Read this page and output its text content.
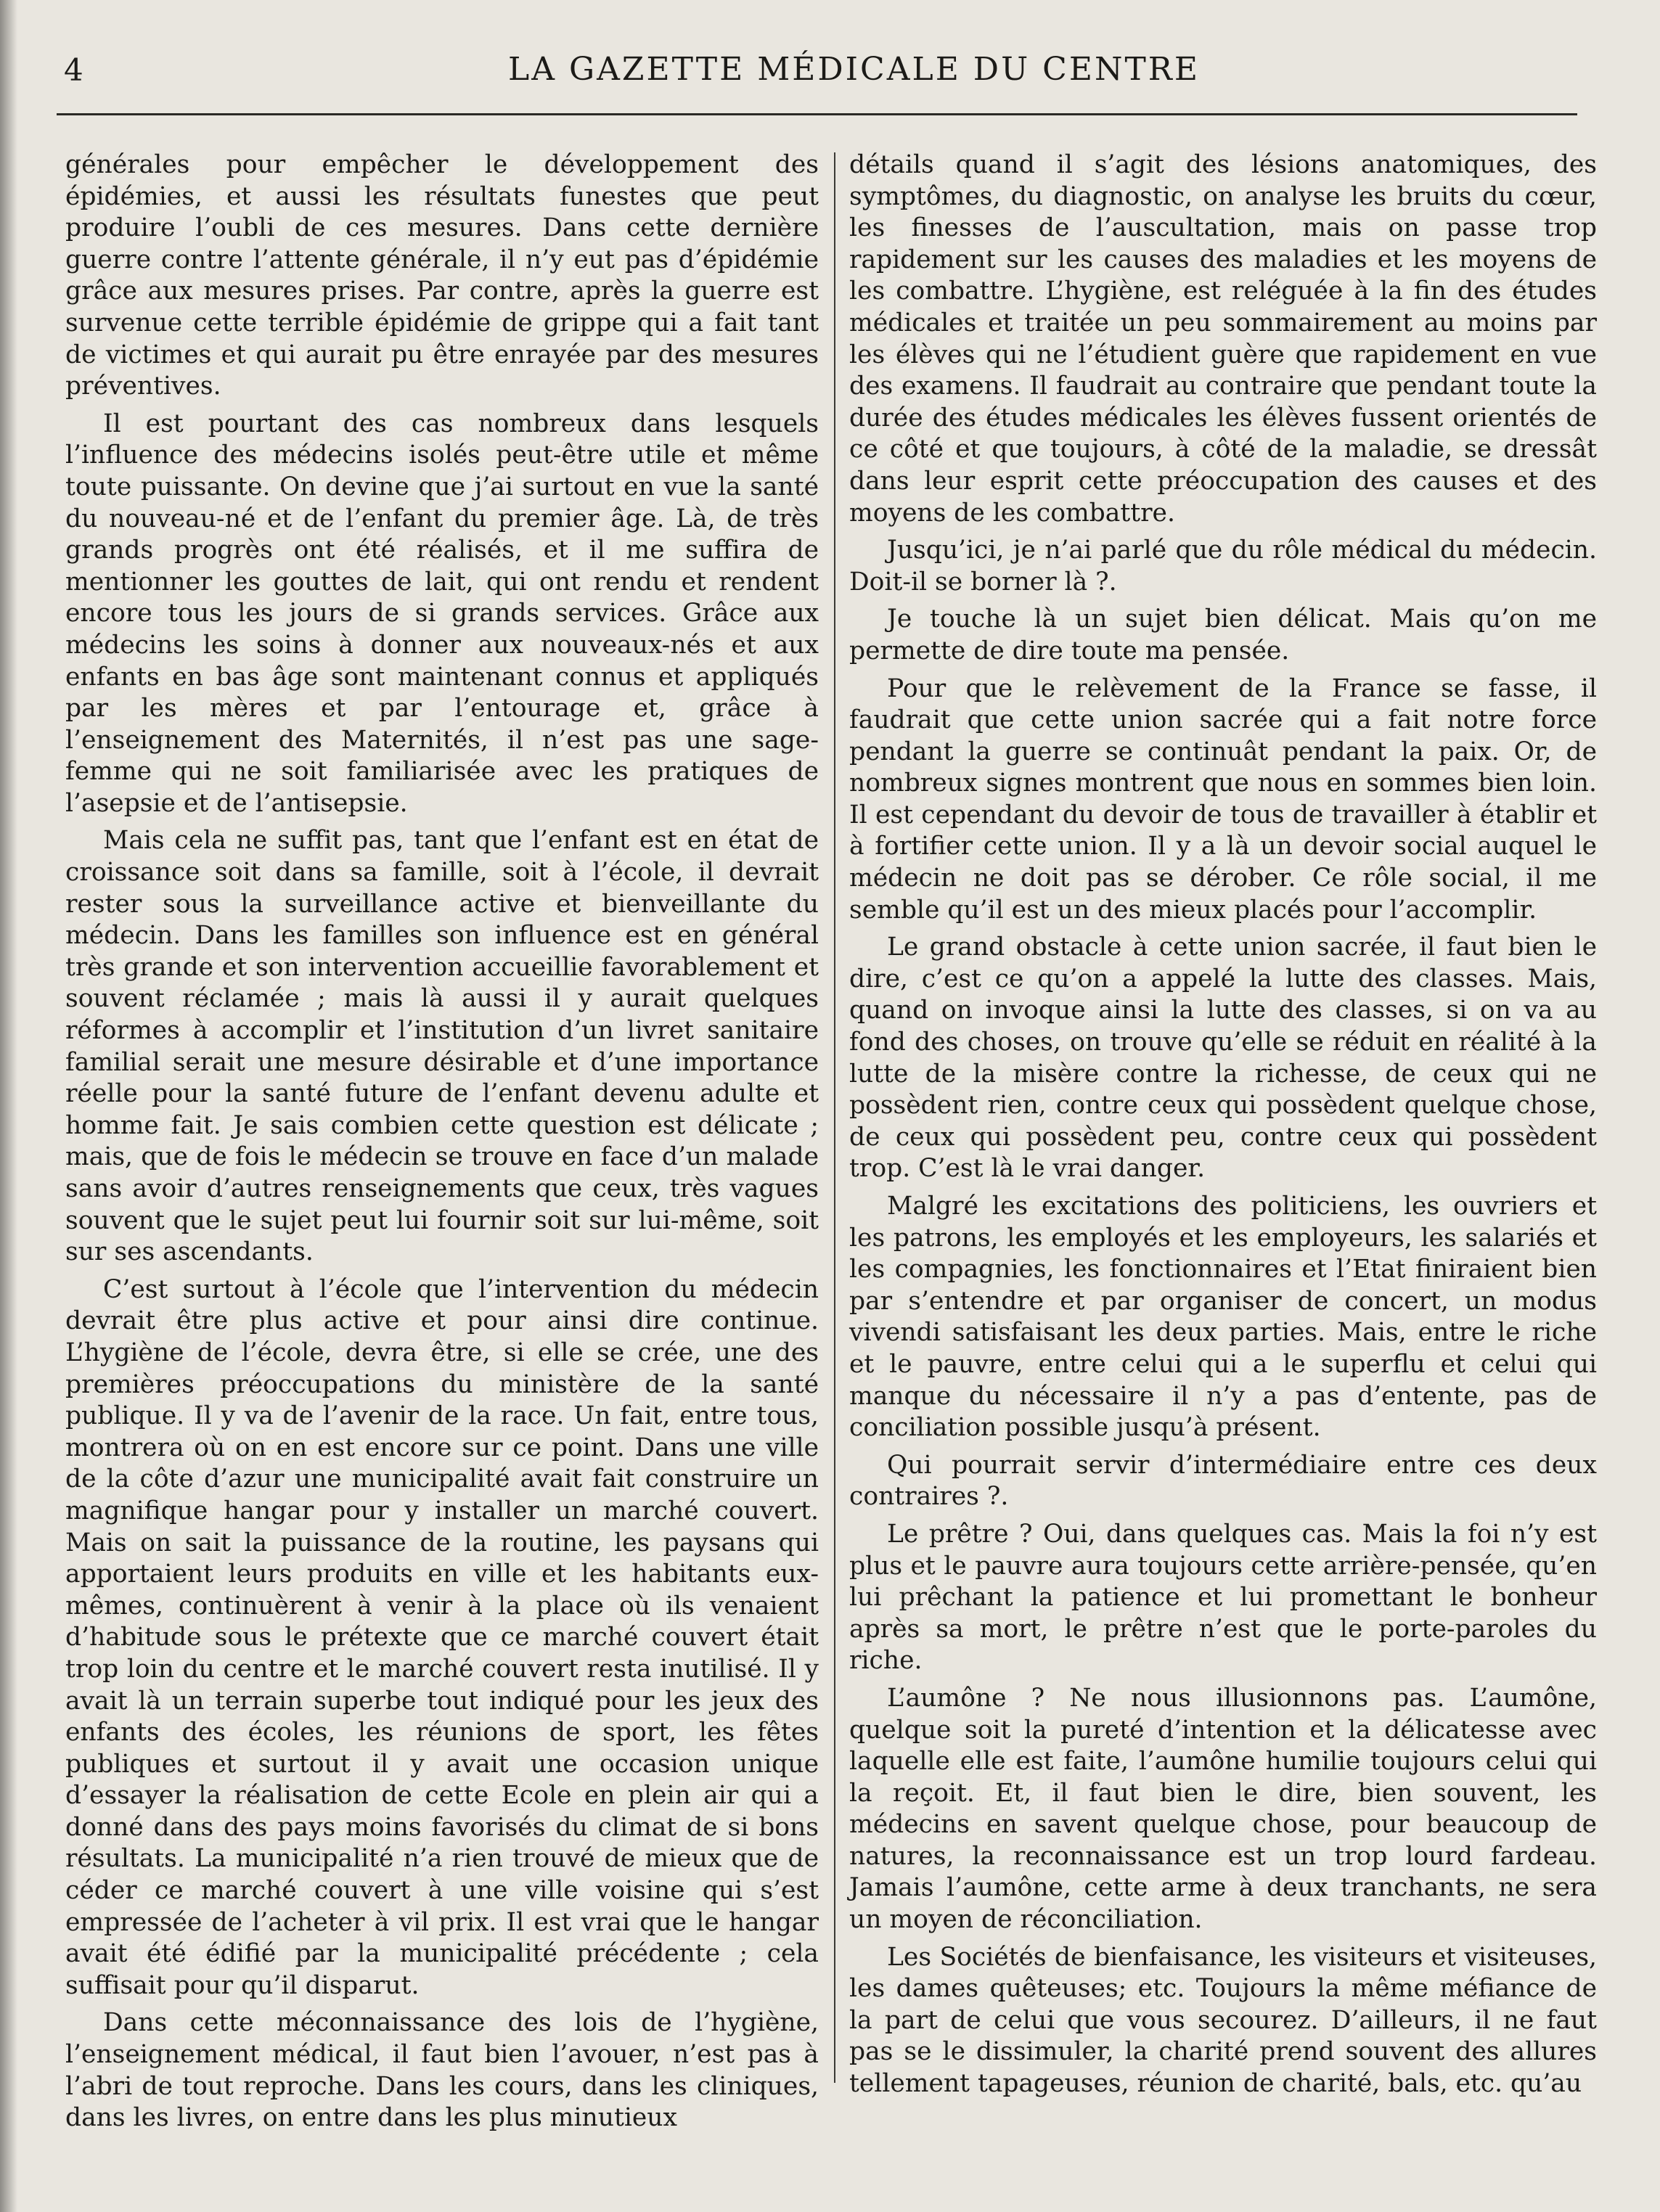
4	LA GAZETTE MÉDICALE DU CENTRE

générales pour empêcher le développement des épidémies, et aussi les résultats funestes que peut produire l’oubli de ces mesures. Dans cette dernière guerre contre l’attente générale, il n’y eut pas d’épidémie grâce aux mesures prises. Par contre, après la guerre est survenue cette terrible épidémie de grippe qui a fait tant de victimes et qui aurait pu être enrayée par des mesures préventives.

Il est pourtant des cas nombreux dans lesquels l’influence des médecins isolés peut-être utile et même toute puissante. On devine que j’ai surtout en vue la santé du nouveau-né et de l’enfant du premier âge. Là, de très grands progrès ont été réalisés, et il me suffira de mentionner les gouttes de lait, qui ont rendu et rendent encore tous les jours de si grands services. Grâce aux médecins les soins à donner aux nouveaux-nés et aux enfants en bas âge sont maintenant connus et appliqués par les mères et par l’entourage et, grâce à l’enseignement des Maternités, il n’est pas une sage-femme qui ne soit familiarisée avec les pratiques de l’asepsie et de l’antisepsie.

Mais cela ne suffit pas, tant que l’enfant est en état de croissance soit dans sa famille, soit à l’école, il devrait rester sous la surveillance active et bienveillante du médecin. Dans les familles son influence est en général très grande et son intervention accueillie favorablement et souvent réclamée ; mais là aussi il y aurait quelques réformes à accomplir et l’institution d’un livret sanitaire familial serait une mesure désirable et d’une importance réelle pour la santé future de l’enfant devenu adulte et homme fait. Je sais combien cette question est délicate ; mais, que de fois le médecin se trouve en face d’un malade sans avoir d’autres renseignements que ceux, très vagues souvent que le sujet peut lui fournir soit sur lui-même, soit sur ses ascendants.

C’est surtout à l’école que l’intervention du médecin devrait être plus active et pour ainsi dire continue. L’hygiène de l’école, devra être, si elle se crée, une des premières préoccupations du ministère de la santé publique. Il y va de l’avenir de la race. Un fait, entre tous, montrera où on en est encore sur ce point. Dans une ville de la côte d’azur une municipalité avait fait construire un magnifique hangar pour y installer un marché couvert. Mais on sait la puissance de la routine, les paysans qui apportaient leurs produits en ville et les habitants eux-mêmes, continuèrent à venir à la place où ils venaient d’habitude sous le prétexte que ce marché couvert était trop loin du centre et le marché couvert resta inutilisé. Il y avait là un terrain superbe tout indiqué pour les jeux des enfants des écoles, les réunions de sport, les fêtes publiques et surtout il y avait une occasion unique d’essayer la réalisation de cette Ecole en plein air qui a donné dans des pays moins favorisés du climat de si bons résultats. La municipalité n’a rien trouvé de mieux que de céder ce marché couvert à une ville voisine qui s’est empressée de l’acheter à vil prix. Il est vrai que le hangar avait été édifié par la municipalité précédente ; cela suffisait pour qu’il disparut.

Dans cette méconnaissance des lois de l’hygiène, l’enseignement médical, il faut bien l’avouer, n’est pas à l’abri de tout reproche. Dans les cours, dans les cliniques, dans les livres, on entre dans les plus minutieux

détails quand il s’agit des lésions anatomiques, des symptômes, du diagnostic, on analyse les bruits du cœur, les finesses de l’auscultation, mais on passe trop rapidement sur les causes des maladies et les moyens de les combattre. L’hygiène, est reléguée à la fin des études médicales et traitée un peu sommairement au moins par les élèves qui ne l’étudient guère que rapidement en vue des examens. Il faudrait au contraire que pendant toute la durée des études médicales les élèves fussent orientés de ce côté et que toujours, à côté de la maladie, se dressât dans leur esprit cette préoccupation des causes et des moyens de les combattre.

Jusqu’ici, je n’ai parlé que du rôle médical du médecin. Doit-il se borner là ?.

Je touche là un sujet bien délicat. Mais qu’on me permette de dire toute ma pensée.

Pour que le relèvement de la France se fasse, il faudrait que cette union sacrée qui a fait notre force pendant la guerre se continuât pendant la paix. Or, de nombreux signes montrent que nous en sommes bien loin. Il est cependant du devoir de tous de travailler à établir et à fortifier cette union. Il y a là un devoir social auquel le médecin ne doit pas se dérober. Ce rôle social, il me semble qu’il est un des mieux placés pour l’accomplir.

Le grand obstacle à cette union sacrée, il faut bien le dire, c’est ce qu’on a appelé la lutte des classes. Mais, quand on invoque ainsi la lutte des classes, si on va au fond des choses, on trouve qu’elle se réduit en réalité à la lutte de la misère contre la richesse, de ceux qui ne possèdent rien, contre ceux qui possèdent quelque chose, de ceux qui possèdent peu, contre ceux qui possèdent trop. C’est là le vrai danger.

Malgré les excitations des politiciens, les ouvriers et les patrons, les employés et les employeurs, les salariés et les compagnies, les fonctionnaires et l’Etat finiraient bien par s’entendre et par organiser de concert, un modus vivendi satisfaisant les deux parties. Mais, entre le riche et le pauvre, entre celui qui a le superflu et celui qui manque du nécessaire il n’y a pas d’entente, pas de conciliation possible jusqu’à présent.

Qui pourrait servir d’intermédiaire entre ces deux contraires ?.

Le prêtre ? Oui, dans quelques cas. Mais la foi n’y est plus et le pauvre aura toujours cette arrière-pensée, qu’en lui prêchant la patience et lui promettant le bonheur après sa mort, le prêtre n’est que le porte-paroles du riche.

L’aumône ? Ne nous illusionnons pas. L’aumône, quelque soit la pureté d’intention et la délicatesse avec laquelle elle est faite, l’aumône humilie toujours celui qui la reçoit. Et, il faut bien le dire, bien souvent, les médecins en savent quelque chose, pour beaucoup de natures, la reconnaissance est un trop lourd fardeau. Jamais l’aumône, cette arme à deux tranchants, ne sera un moyen de réconciliation.

Les Sociétés de bienfaisance, les visiteurs et visiteuses, les dames quêteuses; etc. Toujours la même méfiance de la part de celui que vous secourez. D’ailleurs, il ne faut pas se le dissimuler, la charité prend souvent des allures tellement tapageuses, réunion de charité, bals, etc. qu’au
